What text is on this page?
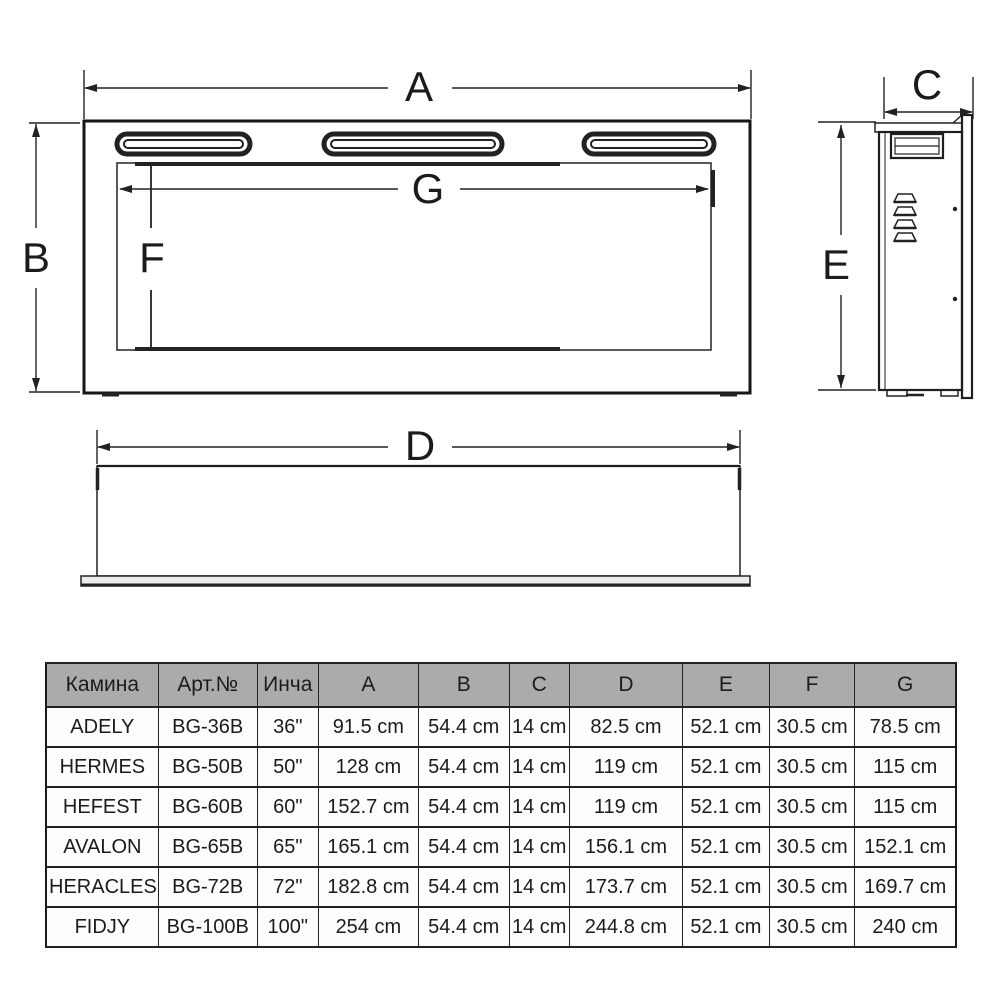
A
B
G
F
C
E
D
Камина	Арт.№	Инча	A	B	C	D	E	F	G
ADELY	BG-36B	36"	91.5 cm	54.4 cm	14 cm	82.5 cm	52.1 cm	30.5 cm	78.5 cm
HERMES	BG-50B	50"	128 cm	54.4 cm	14 cm	119 cm	52.1 cm	30.5 cm	115 cm
HEFEST	BG-60B	60"	152.7 cm	54.4 cm	14 cm	119 cm	52.1 cm	30.5 cm	115 cm
AVALON	BG-65B	65"	165.1 cm	54.4 cm	14 cm	156.1 cm	52.1 cm	30.5 cm	152.1 cm
HERACLES	BG-72B	72"	182.8 cm	54.4 cm	14 cm	173.7 cm	52.1 cm	30.5 cm	169.7 cm
FIDJY	BG-100B	100"	254 cm	54.4 cm	14 cm	244.8 cm	52.1 cm	30.5 cm	240 cm
